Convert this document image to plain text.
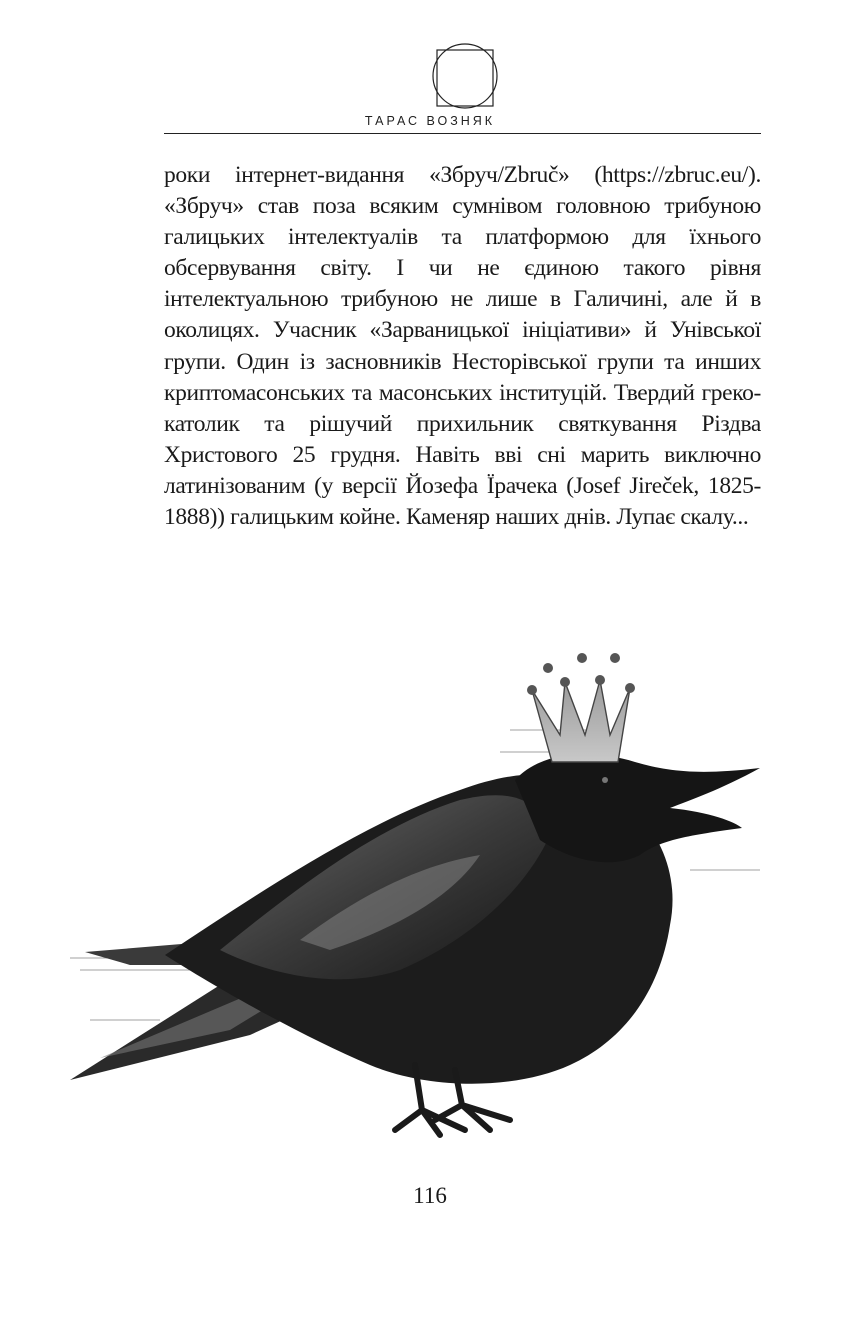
ТАРАС ВОЗНЯК

роки інтернет-видання «Збруч/Zbruč» (https://zbruc.eu/). «Збруч» став поза всяким сумнівом головною трибуною галицьких інтелектуалів та платформою для їхнього обсервування світу. І чи не єдиною такого рівня інтелектуальною трибуною не лише в Галичині, але й в околицях. Учасник «Зарваницької ініціативи» й Унівської групи. Один із засновників Несторівської групи та инших криптомасонських та масонських інституцій. Твердий греко-католик та рішучий прихильник святкування Різдва Христового 25 грудня. Навіть вві сні марить виключно латинізованим (у версії Йозефа Їрачека (Josef Jireček, 1825-1888)) галицьким койне. Каменяр наших днів. Лупає скалу...

116
